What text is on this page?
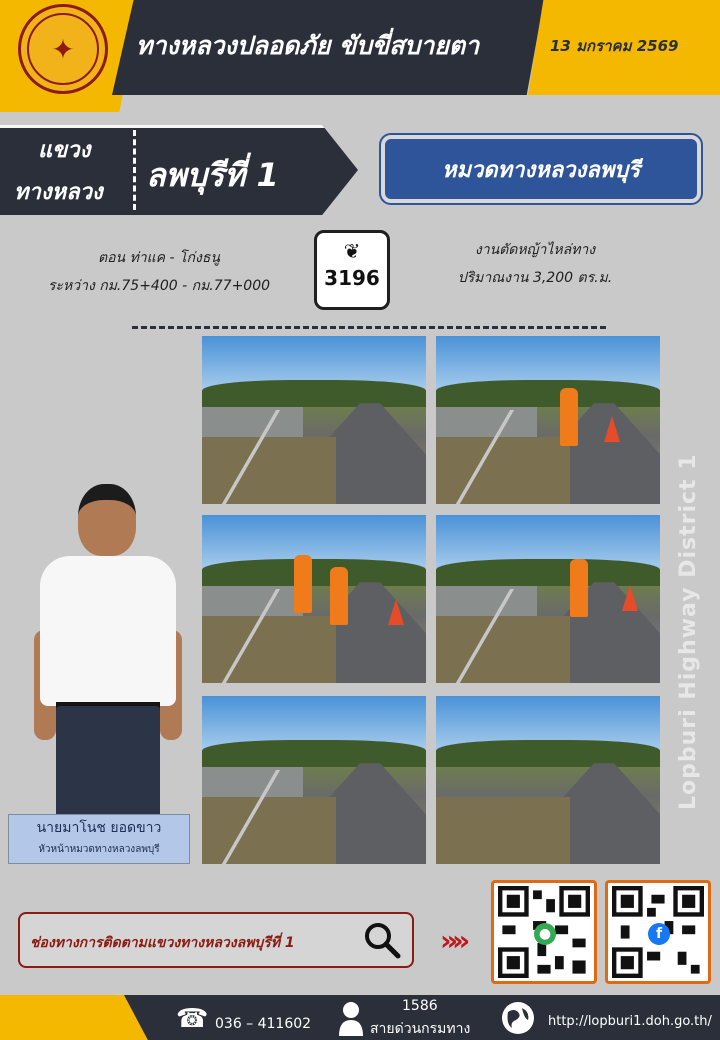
✦	ทางหลวงปลอดภัย ขับขี่สบายตา	13 มกราคม 2569
แขวง
ทางหลวง ลพบุรีที่ 1	หมวดทางหลวงลพบุรี
ตอน ท่าแค - โก่งธนู
ระหว่าง กม.75+400 - กม.77+000
❦
3196
งานตัดหญ้าไหล่ทาง
ปริมาณงาน 3,200 ตร.ม.
นายมาโนช ยอดขาว
หัวหน้าหมวดทางหลวงลพบุรี
Lopburi Highway District 1
ช่องทางการติดตามแขวงทางหลวงลพบุรีที่ 1	»»	●	f
☎ 036 – 411602
1586
สายด่วนกรมทาง	http://lopburi1.doh.go.th/
